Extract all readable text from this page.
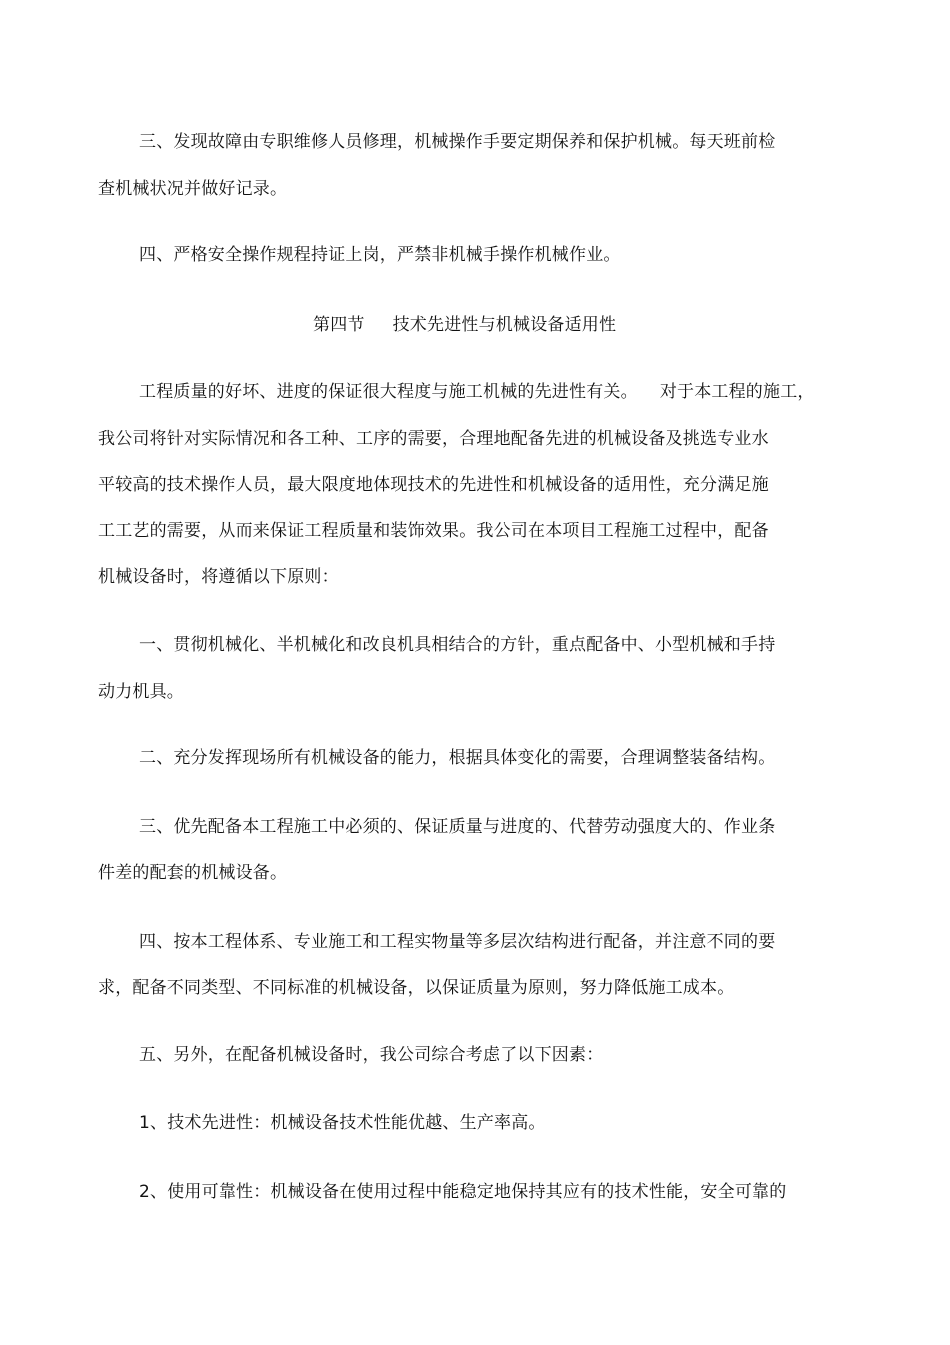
三、发现故障由专职维修人员修理，机械操作手要定期保养和保护机械。每天班前检
查机械状况并做好记录。
四、严格安全操作规程持证上岗，严禁非机械手操作机械作业。
第四节 技术先进性与机械设备适用性
工程质量的好坏、进度的保证很大程度与施工机械的先进性有关。 对于本工程的施工，
我公司将针对实际情况和各工种、工序的需要，合理地配备先进的机械设备及挑选专业水
平较高的技术操作人员，最大限度地体现技术的先进性和机械设备的适用性，充分满足施
工工艺的需要，从而来保证工程质量和装饰效果。我公司在本项目工程施工过程中，配备
机械设备时，将遵循以下原则：
一、贯彻机械化、半机械化和改良机具相结合的方针，重点配备中、小型机械和手持
动力机具。
二、充分发挥现场所有机械设备的能力，根据具体变化的需要，合理调整装备结构。
三、优先配备本工程施工中必须的、保证质量与进度的、代替劳动强度大的、作业条
件差的配套的机械设备。
四、按本工程体系、专业施工和工程实物量等多层次结构进行配备，并注意不同的要
求，配备不同类型、不同标准的机械设备，以保证质量为原则，努力降低施工成本。
五、另外，在配备机械设备时，我公司综合考虑了以下因素：
1、技术先进性：机械设备技术性能优越、生产率高。
2、使用可靠性：机械设备在使用过程中能稳定地保持其应有的技术性能，安全可靠的
